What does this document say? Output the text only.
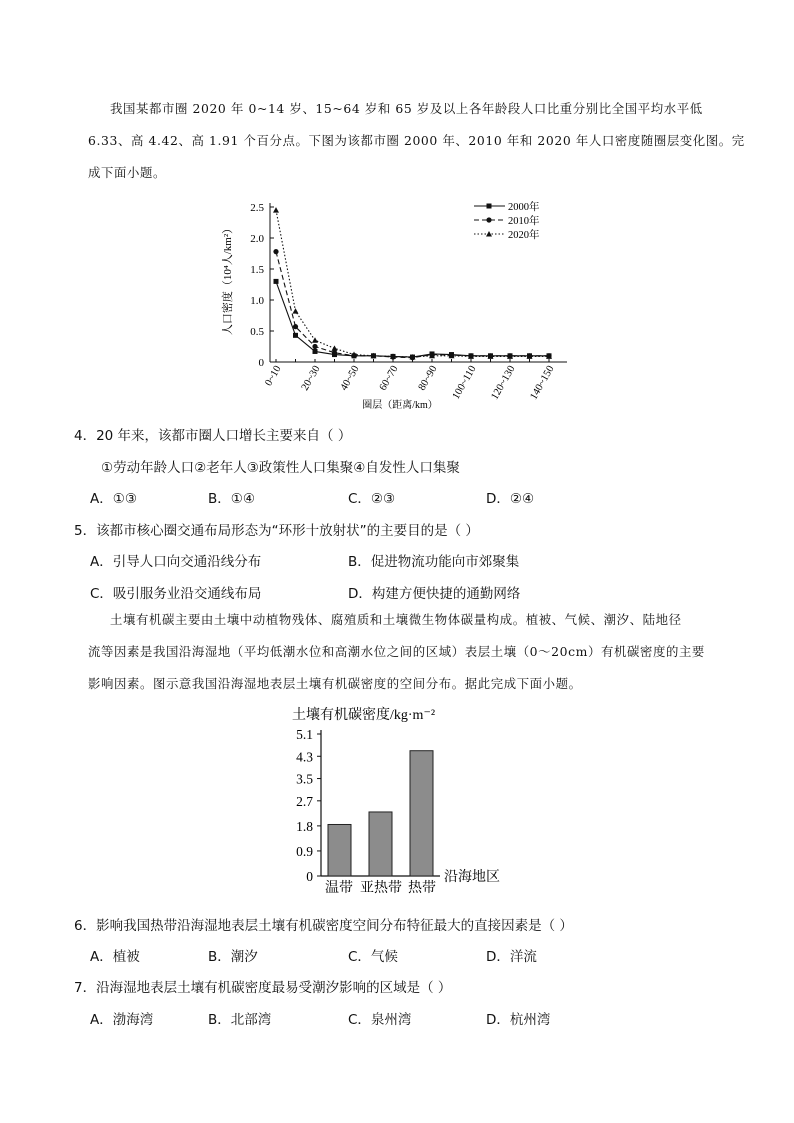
我国某都市圈 2020 年 0~14 岁、15~64 岁和 65 岁及以上各年龄段人口比重分别比全国平均水平低
6.33、高 4.42、高 1.91 个百分点。下图为该都市圈 2000 年、2010 年和 2020 年人口密度随圈层变化图。完
成下面小题。
0
0.5
1.0
1.5
2.0
2.5
0~10 20~30 40~50 60~70 80~90 100~110 120~130 140~150
人口密度（10⁴人/km²）
圈层（距离/km）
2000年
2010年
2020年
4．20 年来，该都市圈人口增长主要来自（ ）
①劳动年龄人口②老年人③政策性人口集聚④自发性人口集聚
A．①③	B．①④	C．②③	D．②④
5．该都市核心圈交通布局形态为“环形十放射状”的主要目的是（ ）
A．引导人口向交通沿线分布	B．促进物流功能向市郊聚集
C．吸引服务业沿交通线布局	D．构建方便快捷的通勤网络
土壤有机碳主要由土壤中动植物残体、腐殖质和土壤微生物体碳量构成。植被、气候、潮汐、陆地径
流等因素是我国沿海湿地（平均低潮水位和高潮水位之间的区域）表层土壤（0～20cm）有机碳密度的主要
影响因素。图示意我国沿海湿地表层土壤有机碳密度的空间分布。据此完成下面小题。
土壤有机碳密度/kg·m⁻²
0
0.9
1.8
2.7
3.5
4.3
5.1
温带 亚热带 热带
沿海地区
6．影响我国热带沿海湿地表层土壤有机碳密度空间分布特征最大的直接因素是（ ）
A．植被	B．潮汐	C．气候	D．洋流
7．沿海湿地表层土壤有机碳密度最易受潮汐影响的区域是（ ）
A．渤海湾	B．北部湾	C．泉州湾	D．杭州湾
